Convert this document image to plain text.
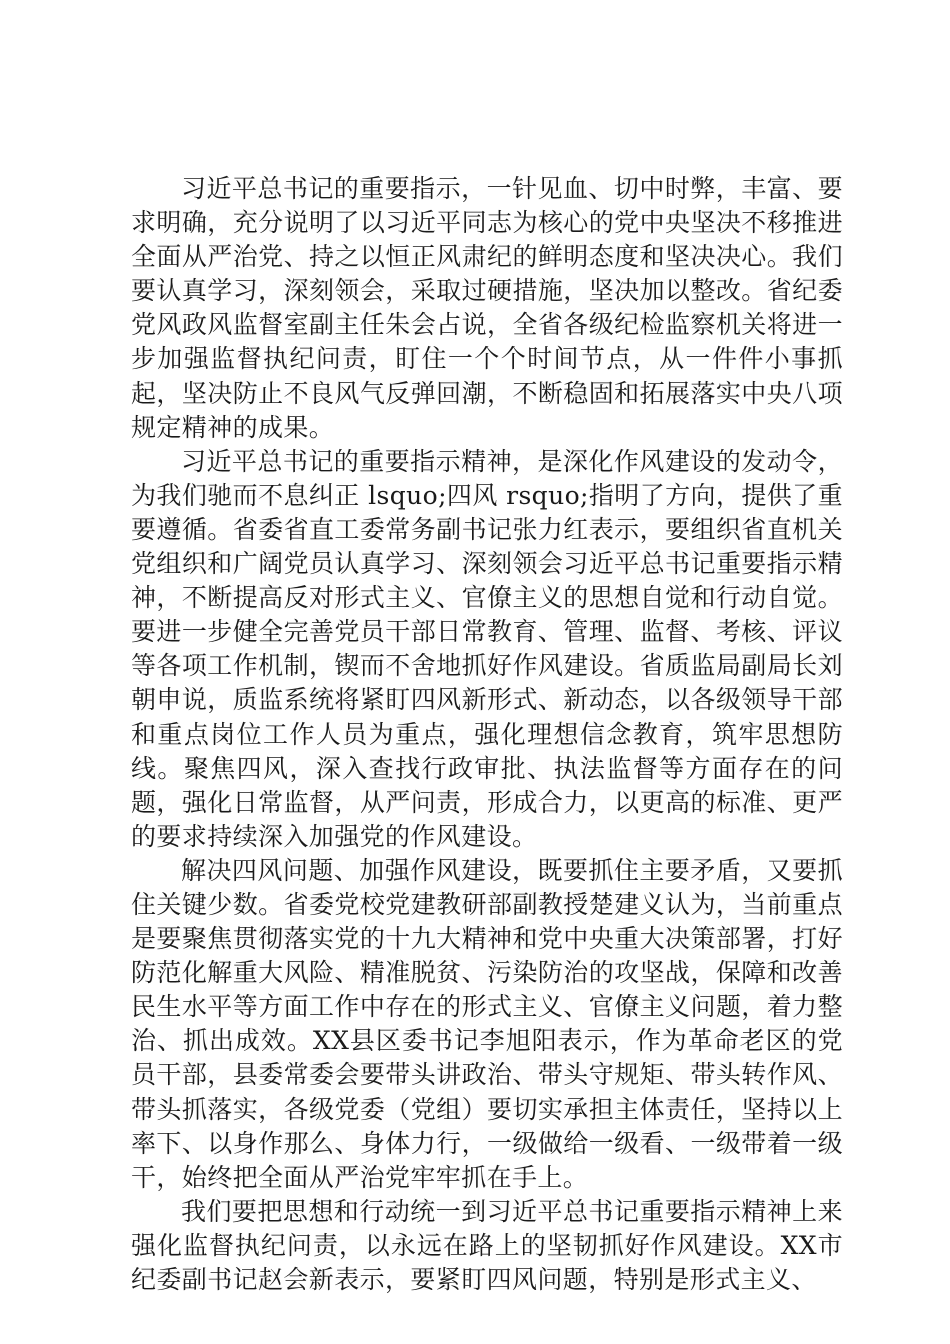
习近平总书记的重要指示，一针见血、切中时弊，丰富、要求明确，充分说明了以习近平同志为核心的党中央坚决不移推进全面从严治党、持之以恒正风肃纪的鲜明态度和坚决决心。我们要认真学习，深刻领会，采取过硬措施，坚决加以整改。省纪委党风政风监督室副主任朱会占说，全省各级纪检监察机关将进一步加强监督执纪问责，盯住一个个时间节点，从一件件小事抓起，坚决防止不良风气反弹回潮，不断稳固和拓展落实中央八项规定精神的成果。

习近平总书记的重要指示精神，是深化作风建设的发动令，为我们驰而不息纠正 lsquo;四风 rsquo;指明了方向，提供了重要遵循。省委省直工委常务副书记张力红表示，要组织省直机关党组织和广阔党员认真学习、深刻领会习近平总书记重要指示精神，不断提高反对形式主义、官僚主义的思想自觉和行动自觉。要进一步健全完善党员干部日常教育、管理、监督、考核、评议等各项工作机制，锲而不舍地抓好作风建设。省质监局副局长刘朝申说，质监系统将紧盯四风新形式、新动态，以各级领导干部和重点岗位工作人员为重点，强化理想信念教育，筑牢思想防线。聚焦四风，深入查找行政审批、执法监督等方面存在的问题，强化日常监督，从严问责，形成合力，以更高的标准、更严的要求持续深入加强党的作风建设。

解决四风问题、加强作风建设，既要抓住主要矛盾，又要抓住关键少数。省委党校党建教研部副教授楚建义认为，当前重点是要聚焦贯彻落实党的十九大精神和党中央重大决策部署，打好防范化解重大风险、精准脱贫、污染防治的攻坚战，保障和改善民生水平等方面工作中存在的形式主义、官僚主义问题，着力整治、抓出成效。XX县区委书记李旭阳表示，作为革命老区的党员干部，县委常委会要带头讲政治、带头守规矩、带头转作风、带头抓落实，各级党委（党组）要切实承担主体责任，坚持以上率下、以身作那么、身体力行，一级做给一级看、一级带着一级干，始终把全面从严治党牢牢抓在手上。

我们要把思想和行动统一到习近平总书记重要指示精神上来强化监督执纪问责，以永远在路上的坚韧抓好作风建设。XX市纪委副书记赵会新表示，要紧盯四风问题，特别是形式主义、
